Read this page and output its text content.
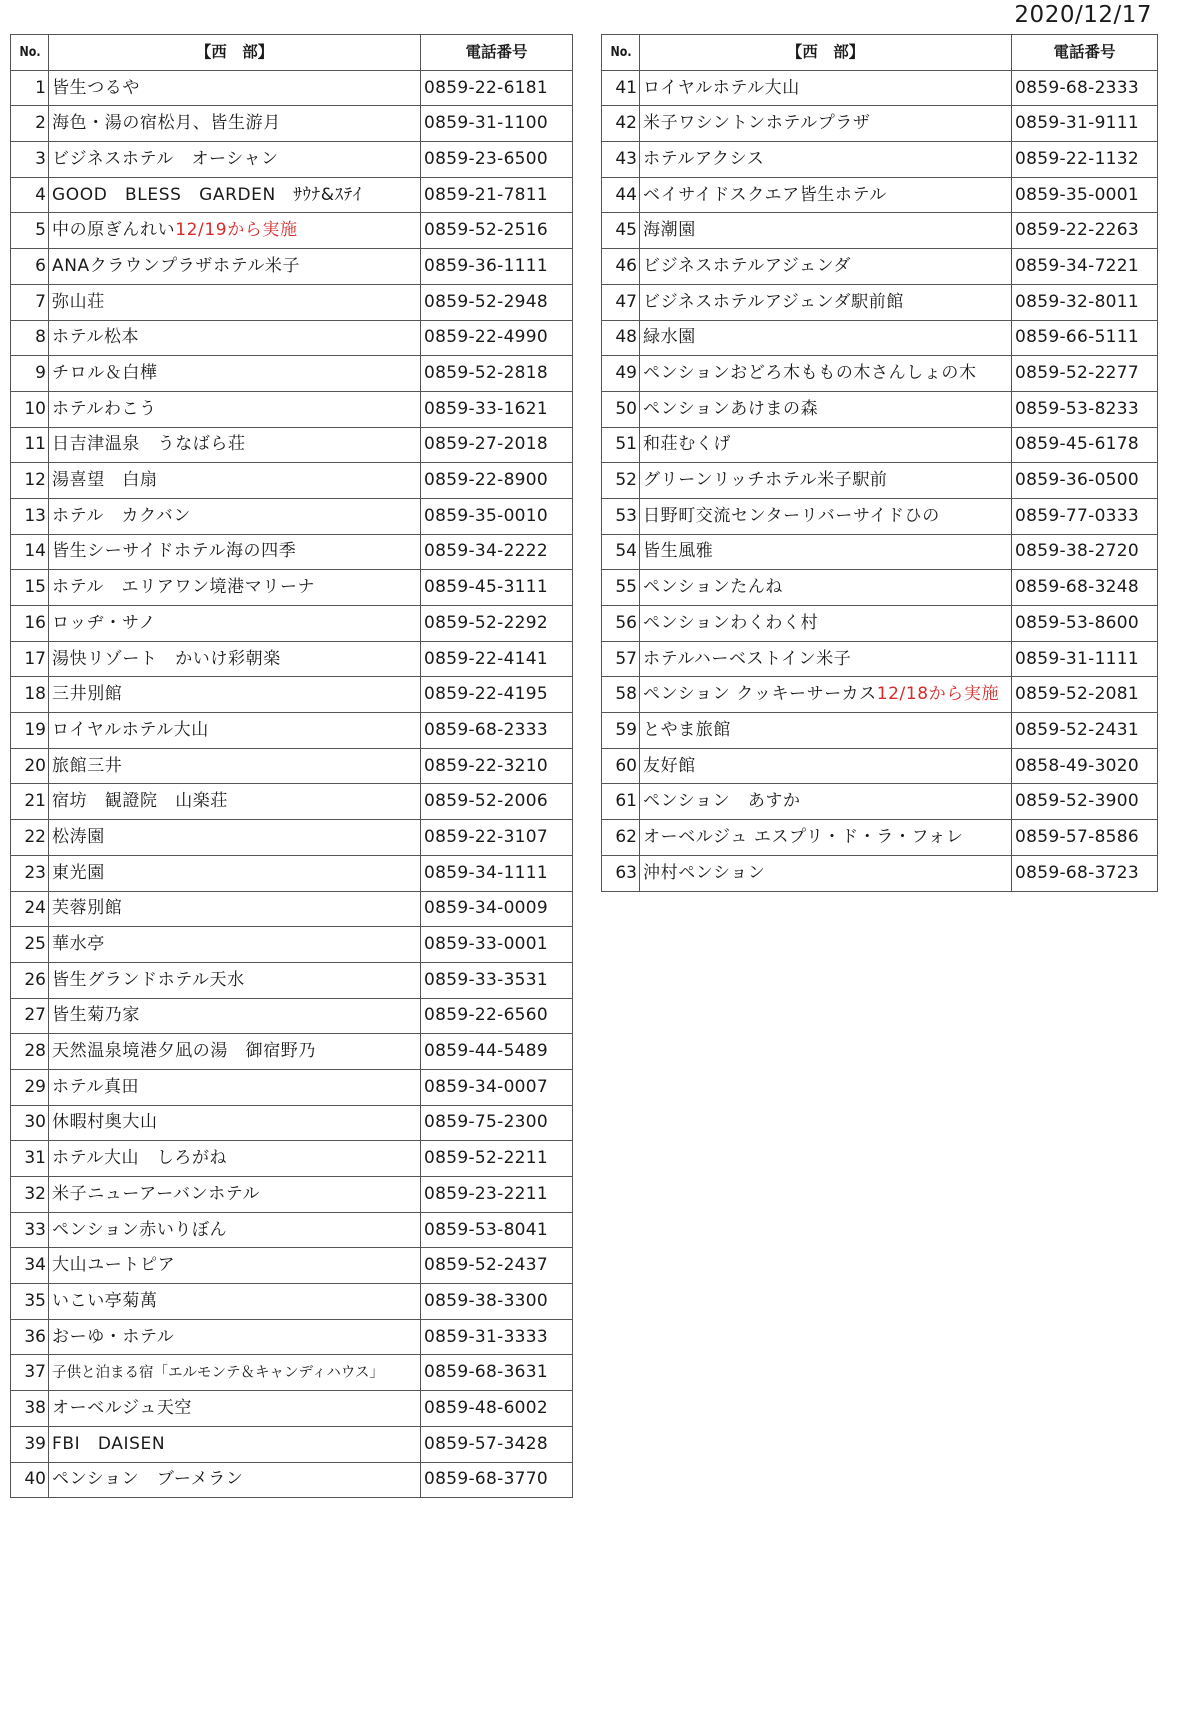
2020/12/17
No.	【西　部】	電話番号
1	皆生つるや	0859-22-6181
2	海色・湯の宿松月、皆生游月	0859-31-1100
3	ビジネスホテル　オーシャン	0859-23-6500
4	GOOD　BLESS　GARDEN　ｻｳﾅ&ｽﾃｲ	0859-21-7811
5	中の原ぎんれい12/19から実施	0859-52-2516
6	ANAクラウンプラザホテル米子	0859-36-1111
7	弥山荘	0859-52-2948
8	ホテル松本	0859-22-4990
9	チロル＆白樺	0859-52-2818
10	ホテルわこう	0859-33-1621
11	日吉津温泉　うなばら荘	0859-27-2018
12	湯喜望　白扇	0859-22-8900
13	ホテル　カクバン	0859-35-0010
14	皆生シーサイドホテル海の四季	0859-34-2222
15	ホテル　エリアワン境港マリーナ	0859-45-3111
16	ロッヂ・サノ	0859-52-2292
17	湯快リゾート　かいけ彩朝楽	0859-22-4141
18	三井別館	0859-22-4195
19	ロイヤルホテル大山	0859-68-2333
20	旅館三井	0859-22-3210
21	宿坊　観證院　山楽荘	0859-52-2006
22	松涛園	0859-22-3107
23	東光園	0859-34-1111
24	芙蓉別館	0859-34-0009
25	華水亭	0859-33-0001
26	皆生グランドホテル天水	0859-33-3531
27	皆生菊乃家	0859-22-6560
28	天然温泉境港夕凪の湯　御宿野乃	0859-44-5489
29	ホテル真田	0859-34-0007
30	休暇村奥大山	0859-75-2300
31	ホテル大山　しろがね	0859-52-2211
32	米子ニューアーバンホテル	0859-23-2211
33	ペンション赤いりぼん	0859-53-8041
34	大山ユートピア	0859-52-2437
35	いこい亭菊萬	0859-38-3300
36	おーゆ・ホテル	0859-31-3333
37	子供と泊まる宿「エルモンテ＆キャンディハウス」	0859-68-3631
38	オーベルジュ天空	0859-48-6002
39	FBI　DAISEN	0859-57-3428
40	ペンション　ブーメラン	0859-68-3770
No.	【西　部】	電話番号
41	ロイヤルホテル大山	0859-68-2333
42	米子ワシントンホテルプラザ	0859-31-9111
43	ホテルアクシス	0859-22-1132
44	ベイサイドスクエア皆生ホテル	0859-35-0001
45	海潮園	0859-22-2263
46	ビジネスホテルアジェンダ	0859-34-7221
47	ビジネスホテルアジェンダ駅前館	0859-32-8011
48	緑水園	0859-66-5111
49	ペンションおどろ木ももの木さんしょの木	0859-52-2277
50	ペンションあけまの森	0859-53-8233
51	和荘むくげ	0859-45-6178
52	グリーンリッチホテル米子駅前	0859-36-0500
53	日野町交流センターリバーサイドひの	0859-77-0333
54	皆生風雅	0859-38-2720
55	ペンションたんね	0859-68-3248
56	ペンションわくわく村	0859-53-8600
57	ホテルハーベストイン米子	0859-31-1111
58	ペンション クッキーサーカス12/18から実施	0859-52-2081
59	とやま旅館	0859-52-2431
60	友好館	0858-49-3020
61	ペンション　あすか	0859-52-3900
62	オーベルジュ エスプリ・ド・ラ・フォレ	0859-57-8586
63	沖村ペンション	0859-68-3723
